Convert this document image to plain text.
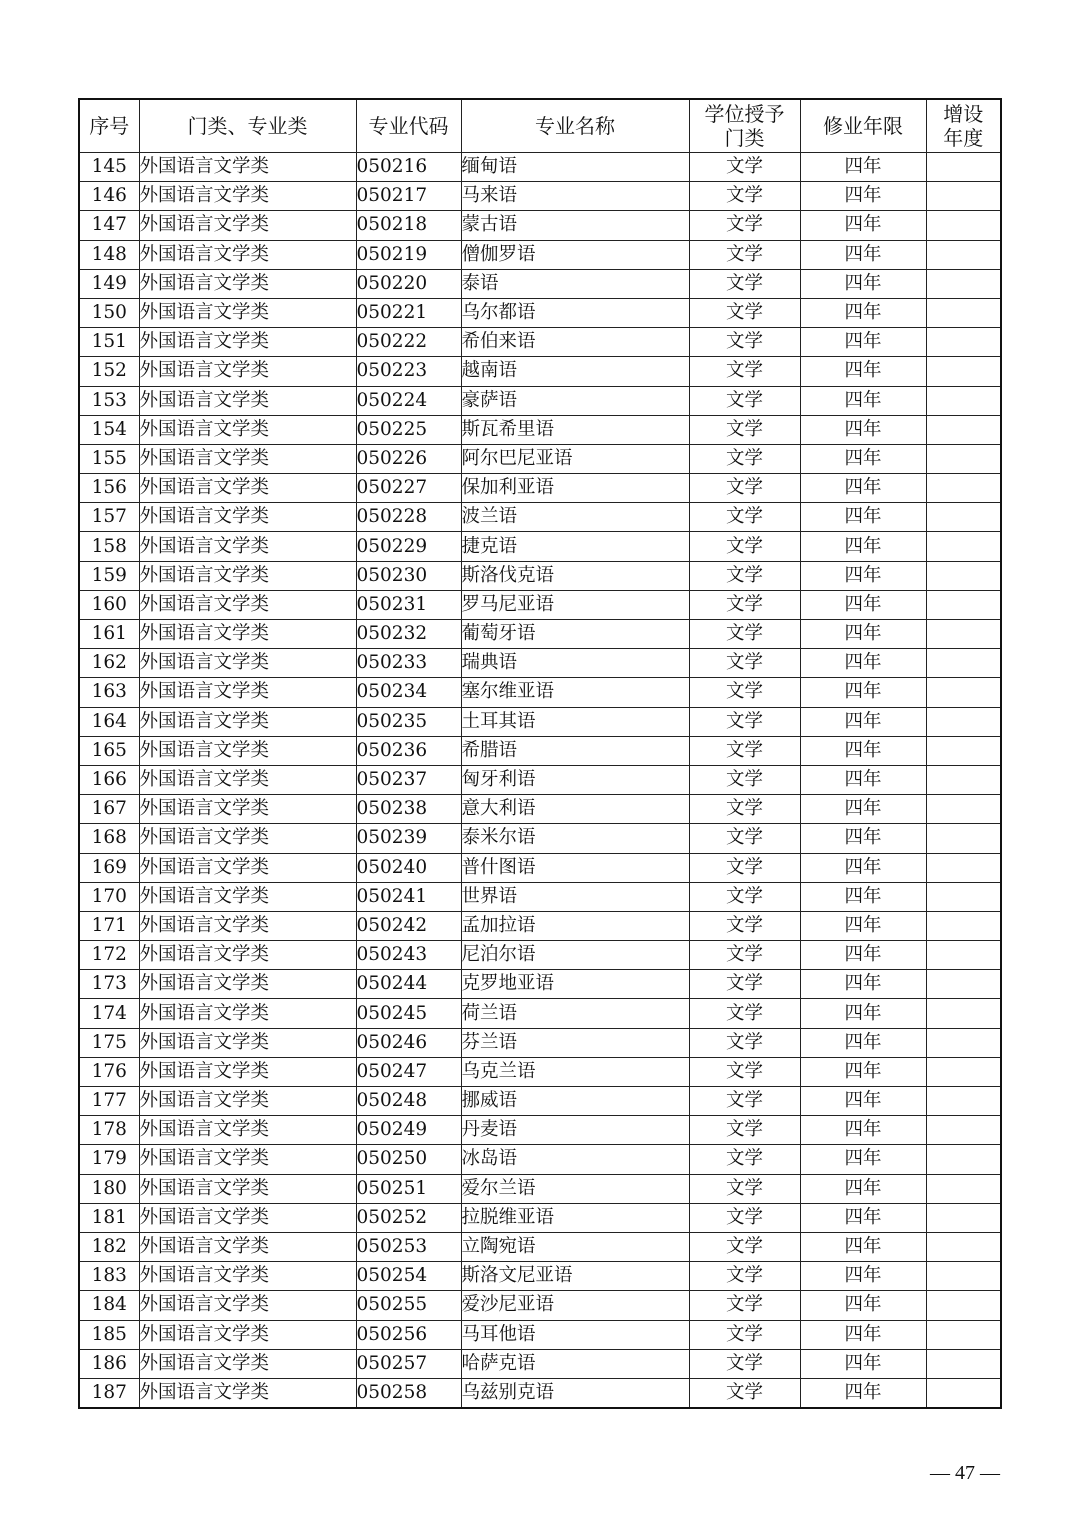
序号	门类、专业类	专业代码	专业名称	学位授予门类	修业年限	增设年度

145	外国语言文学类	050216	缅甸语	文学	四年	
146	外国语言文学类	050217	马来语	文学	四年	
147	外国语言文学类	050218	蒙古语	文学	四年	
148	外国语言文学类	050219	僧伽罗语	文学	四年	
149	外国语言文学类	050220	泰语	文学	四年	
150	外国语言文学类	050221	乌尔都语	文学	四年	
151	外国语言文学类	050222	希伯来语	文学	四年	
152	外国语言文学类	050223	越南语	文学	四年	
153	外国语言文学类	050224	豪萨语	文学	四年	
154	外国语言文学类	050225	斯瓦希里语	文学	四年	
155	外国语言文学类	050226	阿尔巴尼亚语	文学	四年	
156	外国语言文学类	050227	保加利亚语	文学	四年	
157	外国语言文学类	050228	波兰语	文学	四年	
158	外国语言文学类	050229	捷克语	文学	四年	
159	外国语言文学类	050230	斯洛伐克语	文学	四年	
160	外国语言文学类	050231	罗马尼亚语	文学	四年	
161	外国语言文学类	050232	葡萄牙语	文学	四年	
162	外国语言文学类	050233	瑞典语	文学	四年	
163	外国语言文学类	050234	塞尔维亚语	文学	四年	
164	外国语言文学类	050235	土耳其语	文学	四年	
165	外国语言文学类	050236	希腊语	文学	四年	
166	外国语言文学类	050237	匈牙利语	文学	四年	
167	外国语言文学类	050238	意大利语	文学	四年	
168	外国语言文学类	050239	泰米尔语	文学	四年	
169	外国语言文学类	050240	普什图语	文学	四年	
170	外国语言文学类	050241	世界语	文学	四年	
171	外国语言文学类	050242	孟加拉语	文学	四年	
172	外国语言文学类	050243	尼泊尔语	文学	四年	
173	外国语言文学类	050244	克罗地亚语	文学	四年	
174	外国语言文学类	050245	荷兰语	文学	四年	
175	外国语言文学类	050246	芬兰语	文学	四年	
176	外国语言文学类	050247	乌克兰语	文学	四年	
177	外国语言文学类	050248	挪威语	文学	四年	
178	外国语言文学类	050249	丹麦语	文学	四年	
179	外国语言文学类	050250	冰岛语	文学	四年	
180	外国语言文学类	050251	爱尔兰语	文学	四年	
181	外国语言文学类	050252	拉脱维亚语	文学	四年	
182	外国语言文学类	050253	立陶宛语	文学	四年	
183	外国语言文学类	050254	斯洛文尼亚语	文学	四年	
184	外国语言文学类	050255	爱沙尼亚语	文学	四年	
185	外国语言文学类	050256	马耳他语	文学	四年	
186	外国语言文学类	050257	哈萨克语	文学	四年	
187	外国语言文学类	050258	乌兹别克语	文学	四年	
— 47 —
